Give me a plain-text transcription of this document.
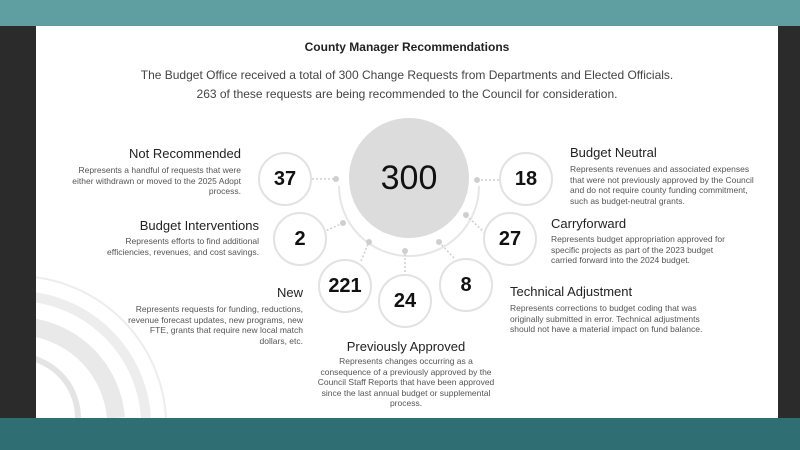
County Manager Recommendations
The Budget Office received a total of 300 Change Requests from Departments and Elected Officials.
263 of these requests are being recommended to the Council for consideration.
300
37
2
221
24
8
27
18
Not Recommended
Represents a handful of requests that were either withdrawn or moved to the 2025 Adopt process.
Budget Interventions
Represents efforts to find additional efficiencies, revenues, and cost savings.
New
Represents requests for funding, reductions, revenue forecast updates, new programs, new FTE, grants that require new local match dollars, etc.	Previously Approved
Represents changes occurring as a consequence of a previously approved by the Council Staff Reports that have been approved since the last annual budget or supplemental process.
Budget Neutral
Represents revenues and associated expenses that were not previously approved by the Council and do not require county funding commitment, such as budget-neutral grants.
Carryforward
Represents budget appropriation approved for specific projects as part of the 2023 budget carried forward into the 2024 budget.
Technical Adjustment
Represents corrections to budget coding that was originally submitted in error. Technical adjustments should not have a material impact on fund balance.
